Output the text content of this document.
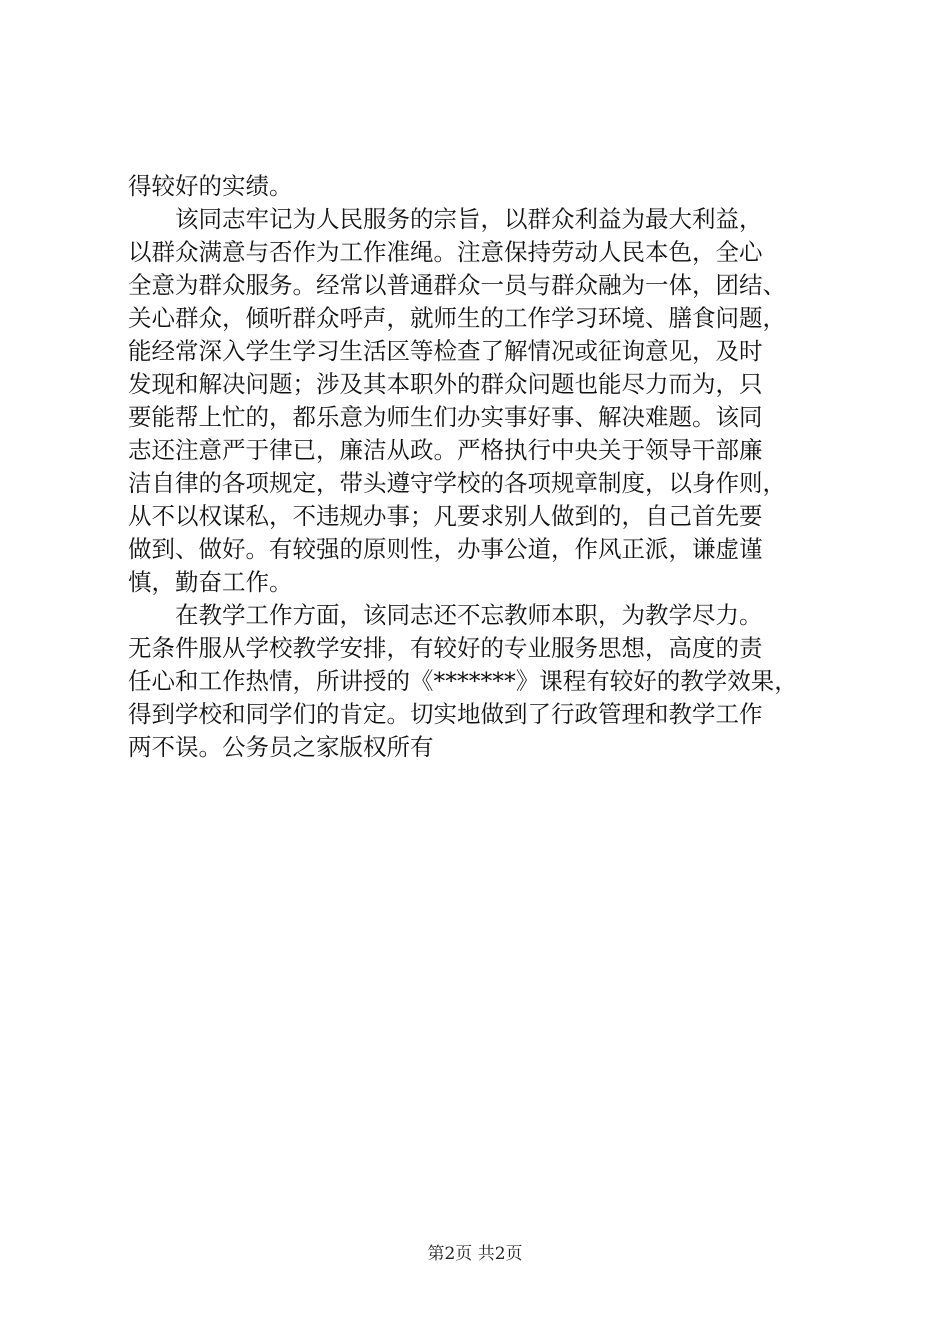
得较好的实绩。
该同志牢记为人民服务的宗旨，以群众利益为最大利益，
以群众满意与否作为工作准绳。注意保持劳动人民本色，全心
全意为群众服务。经常以普通群众一员与群众融为一体，团结、
关心群众，倾听群众呼声，就师生的工作学习环境、膳食问题，
能经常深入学生学习生活区等检查了解情况或征询意见，及时
发现和解决问题；涉及其本职外的群众问题也能尽力而为，只
要能帮上忙的，都乐意为师生们办实事好事、解决难题。该同
志还注意严于律已，廉洁从政。严格执行中央关于领导干部廉
洁自律的各项规定，带头遵守学校的各项规章制度，以身作则，
从不以权谋私，不违规办事；凡要求别人做到的，自己首先要
做到、做好。有较强的原则性，办事公道，作风正派，谦虚谨
慎，勤奋工作。
在教学工作方面，该同志还不忘教师本职，为教学尽力。
无条件服从学校教学安排，有较好的专业服务思想，高度的责
任心和工作热情，所讲授的《*******》课程有较好的教学效果，
得到学校和同学们的肯定。切实地做到了行政管理和教学工作
两不误。公务员之家版权所有
第2页 共2页
